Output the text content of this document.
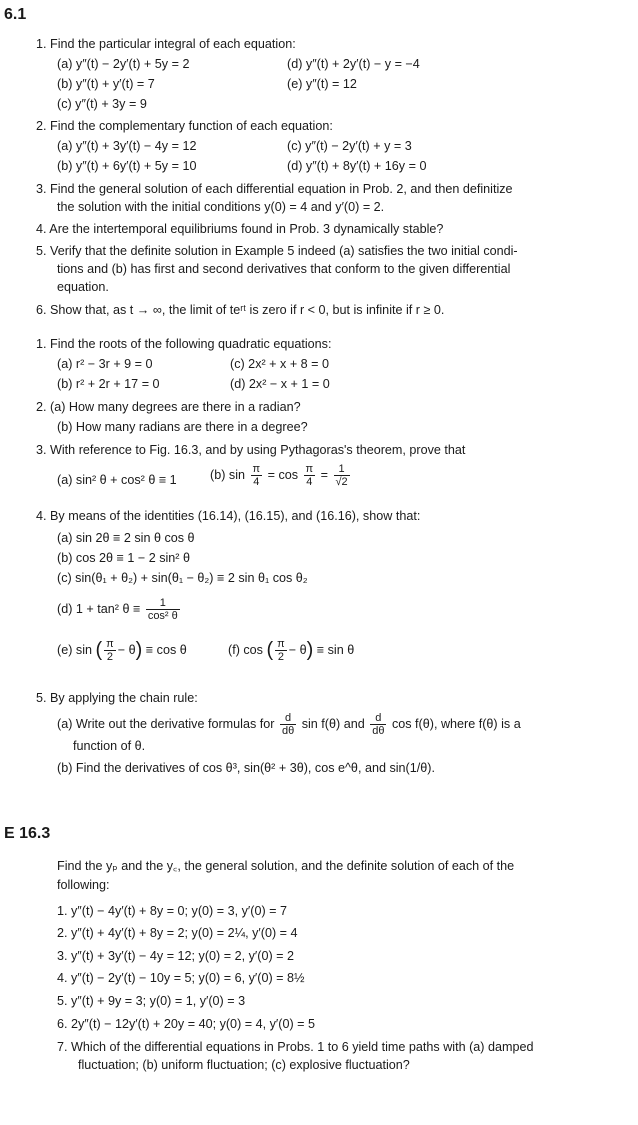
6.1
1. Find the particular integral of each equation:
(a) y″(t) − 2y′(t) + 5y = 2	(d) y″(t) + 2y′(t) − y = −4
(b) y″(t) + y′(t) = 7	(e) y″(t) = 12
(c) y″(t) + 3y = 9
2. Find the complementary function of each equation:
(a) y″(t) + 3y′(t) − 4y = 12	(c) y″(t) − 2y′(t) + y = 3
(b) y″(t) + 6y′(t) + 5y = 10	(d) y″(t) + 8y′(t) + 16y = 0
3. Find the general solution of each differential equation in Prob. 2, and then definitize
the solution with the initial conditions y(0) = 4 and y′(0) = 2.
4. Are the intertemporal equilibriums found in Prob. 3 dynamically stable?
5. Verify that the definite solution in Example 5 indeed (a) satisfies the two initial condi-
tions and (b) has first and second derivatives that conform to the given differential
equation.
6. Show that, as t → ∞, the limit of teʳᵗ is zero if r < 0, but is infinite if r ≥ 0.
1. Find the roots of the following quadratic equations:
(a) r² − 3r + 9 = 0	(c) 2x² + x + 8 = 0
(b) r² + 2r + 17 = 0	(d) 2x² − x + 1 = 0
2. (a) How many degrees are there in a radian?
(b) How many radians are there in a degree?
3. With reference to Fig. 16.3, and by using Pythagoras's theorem, prove that
(a) sin² θ + cos² θ ≡ 1	(b) $\sin \frac{\pi}{4} = \cos \frac{\pi}{4} = \frac{1}{√2}$
4. By means of the identities (16.14), (16.15), and (16.16), show that:
(a) sin 2θ ≡ 2 sin θ cos θ
(b) cos 2θ ≡ 1 − 2 sin² θ
(c) sin(θ₁ + θ₂) + sin(θ₁ − θ₂) ≡ 2 sin θ₁ cos θ₂
(d) 1 + tan² $\theta \equiv \frac{1}{\text{cos² θ}}$
(e) sin ( $\frac{\pi}{2} - \theta) \equiv \cos \theta$	(f) cos ( $\frac{\pi}{2} - \theta) \equiv \sin \theta$
5. By applying the chain rule:
(a) Write out the derivative formulas for $\frac{d}{d\theta}$ sin f(θ) and $\frac{d}{d\theta}$ cos f(θ), where f(θ) is a
function of θ.
(b) Find the derivatives of cos θ³, sin(θ² + 3θ), cos e^θ, and sin(1/θ).
E 16.3
Find the yₚ and the y꜀, the general solution, and the definite solution of each of the
following:
1. y″(t) − 4y′(t) + 8y = 0; y(0) = 3, y′(0) = 7
2. y″(t) + 4y′(t) + 8y = 2; y(0) = 2¼, y′(0) = 4
3. y″(t) + 3y′(t) − 4y = 12; y(0) = 2, y′(0) = 2
4. y″(t) − 2y′(t) − 10y = 5; y(0) = 6, y′(0) = 8½
5. y″(t) + 9y = 3; y(0) = 1, y′(0) = 3
6. 2y″(t) − 12y′(t) + 20y = 40; y(0) = 4, y′(0) = 5
7. Which of the differential equations in Probs. 1 to 6 yield time paths with (a) damped
fluctuation; (b) uniform fluctuation; (c) explosive fluctuation?
